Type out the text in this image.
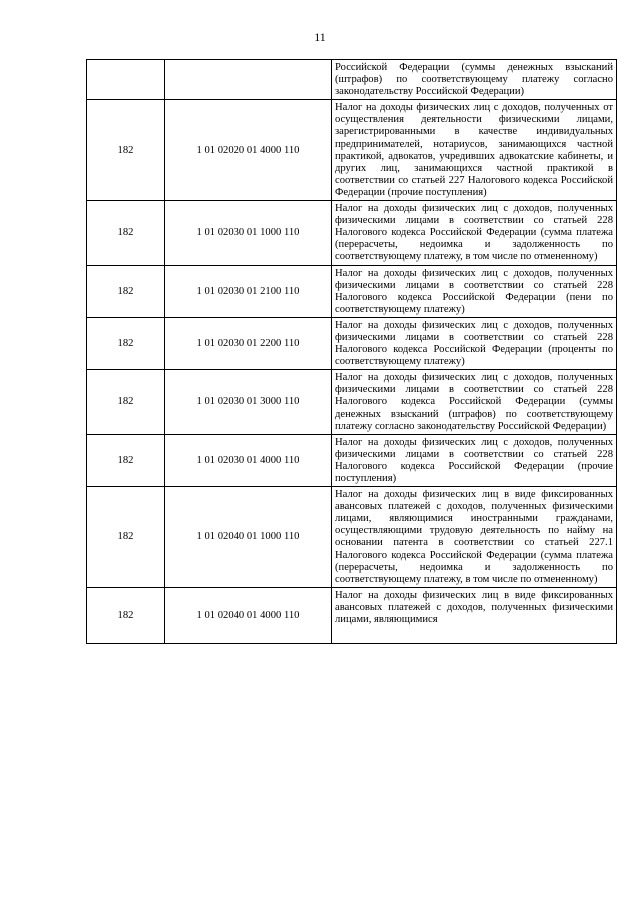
11
		Российской Федерации (суммы денежных взысканий (штрафов) по соответствующему платежу согласно законодательству Российской Федерации)
182	1 01 02020 01 4000 110	Налог на доходы физических лиц с доходов, полученных от осуществления деятельности физическими лицами, зарегистрированными в качестве индивидуальных предпринимателей, нотариусов, занимающихся частной практикой, адвокатов, учредивших адвокатские кабинеты, и других лиц, занимающихся частной практикой в соответствии со статьей 227 Налогового кодекса Российской Федерации (прочие поступления)
182	1 01 02030 01 1000 110	Налог на доходы физических лиц с доходов, полученных физическими лицами в соответствии со статьей 228 Налогового кодекса Российской Федерации (сумма платежа (перерасчеты, недоимка и задолженность по соответствующему платежу, в том числе по отмененному)
182	1 01 02030 01 2100 110	Налог на доходы физических лиц с доходов, полученных физическими лицами в соответствии со статьей 228 Налогового кодекса Российской Федерации (пени по соответствующему платежу)
182	1 01 02030 01 2200 110	Налог на доходы физических лиц с доходов, полученных физическими лицами в соответствии со статьей 228 Налогового кодекса Российской Федерации (проценты по соответствующему платежу)
182	1 01 02030 01 3000 110	Налог на доходы физических лиц с доходов, полученных физическими лицами в соответствии со статьей 228 Налогового кодекса Российской Федерации (суммы денежных взысканий (штрафов) по соответствующему платежу согласно законодательству Российской Федерации)
182	1 01 02030 01 4000 110	Налог на доходы физических лиц с доходов, полученных физическими лицами в соответствии со статьей 228 Налогового кодекса Российской Федерации (прочие поступления)
182	1 01 02040 01 1000 110	Налог на доходы физических лиц в виде фиксированных авансовых платежей с доходов, полученных физическими лицами, являющимися иностранными гражданами, осуществляющими трудовую деятельность по найму на основании патента в соответствии со статьей 227.1 Налогового кодекса Российской Федерации (сумма платежа (перерасчеты, недоимка и задолженность по соответствующему платежу, в том числе по отмененному)
182	1 01 02040 01 4000 110	Налог на доходы физических лиц в виде фиксированных авансовых платежей с доходов, полученных физическими лицами, являющимися
